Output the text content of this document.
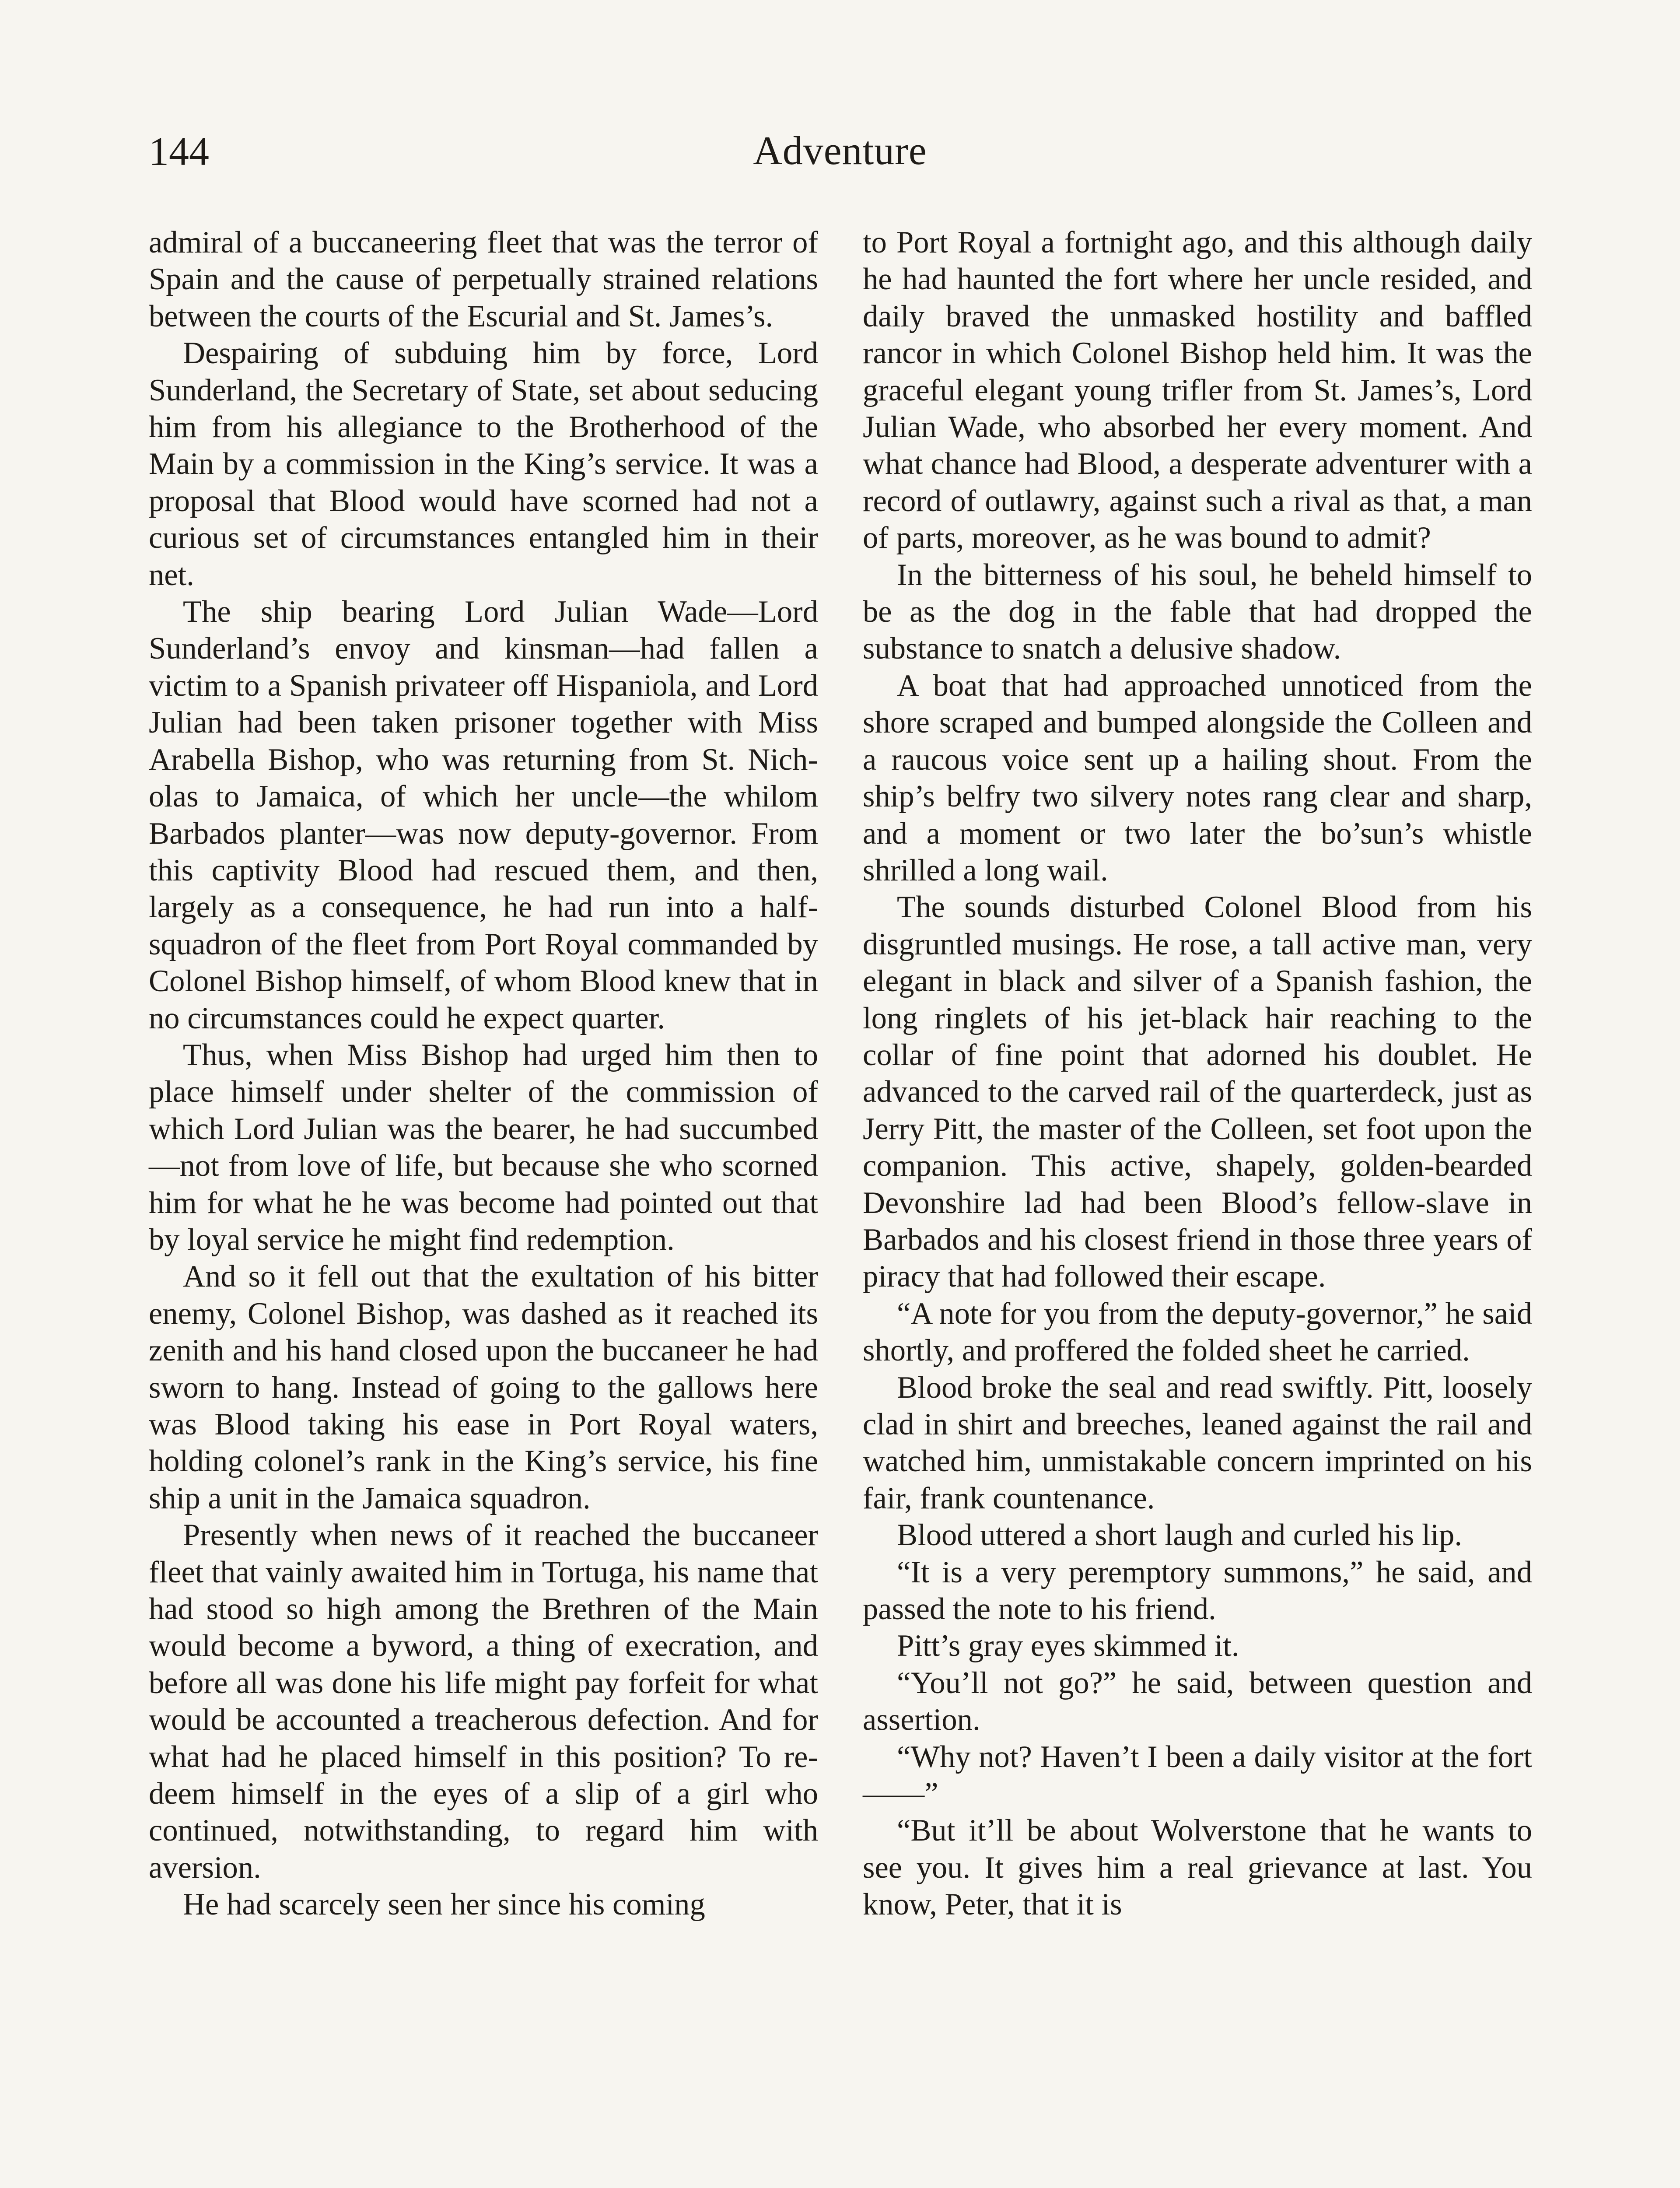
144	Adventure

admiral of a buccaneering fleet that was the terror of Spain and the cause of perpetually strained relations between the courts of the Escurial and St. James’s.

Despairing of subduing him by force, Lord Sunderland, the Secretary of State, set about seducing him from his allegiance to the Brotherhood of the Main by a commission in the King’s service. It was a proposal that Blood would have scorned had not a curious set of circumstances entangled him in their net.

The ship bearing Lord Julian Wade—Lord Sunderland’s envoy and kinsman—had fallen a victim to a Spanish privateer off Hispaniola, and Lord Julian had been taken prisoner together with Miss Arabella Bishop, who was returning from St. Nicholas to Jamaica, of which her uncle—the whilom Barbados planter—was now deputy-governor. From this captivity Blood had rescued them, and then, largely as a consequence, he had run into a half-squadron of the fleet from Port Royal commanded by Colonel Bishop himself, of whom Blood knew that in no circumstances could he expect quarter.

Thus, when Miss Bishop had urged him then to place himself under shelter of the commission of which Lord Julian was the bearer, he had succumbed—not from love of life, but because she who scorned him for what he he was become had pointed out that by loyal service he might find redemption.

And so it fell out that the exultation of his bitter enemy, Colonel Bishop, was dashed as it reached its zenith and his hand closed upon the buccaneer he had sworn to hang. Instead of going to the gallows here was Blood taking his ease in Port Royal waters, holding colonel’s rank in the King’s service, his fine ship a unit in the Jamaica squadron.

Presently when news of it reached the buccaneer fleet that vainly awaited him in Tortuga, his name that had stood so high among the Brethren of the Main would become a byword, a thing of execration, and before all was done his life might pay forfeit for what would be accounted a treacherous defection. And for what had he placed himself in this position? To redeem himself in the eyes of a slip of a girl who continued, notwithstanding, to regard him with aversion.

He had scarcely seen her since his coming

to Port Royal a fortnight ago, and this although daily he had haunted the fort where her uncle resided, and daily braved the unmasked hostility and baffled rancor in which Colonel Bishop held him. It was the graceful elegant young trifler from St. James’s, Lord Julian Wade, who absorbed her every moment. And what chance had Blood, a desperate adventurer with a record of outlawry, against such a rival as that, a man of parts, moreover, as he was bound to admit?

In the bitterness of his soul, he beheld himself to be as the dog in the fable that had dropped the substance to snatch a delusive shadow.

A boat that had approached unnoticed from the shore scraped and bumped alongside the Colleen and a raucous voice sent up a hailing shout. From the ship’s belfry two silvery notes rang clear and sharp, and a moment or two later the bo’sun’s whistle shrilled a long wail.

The sounds disturbed Colonel Blood from his disgruntled musings. He rose, a tall active man, very elegant in black and silver of a Spanish fashion, the long ringlets of his jet-black hair reaching to the collar of fine point that adorned his doublet. He advanced to the carved rail of the quarterdeck, just as Jerry Pitt, the master of the Colleen, set foot upon the companion. This active, shapely, golden-bearded Devonshire lad had been Blood’s fellow-slave in Barbados and his closest friend in those three years of piracy that had followed their escape.

“A note for you from the deputy-governor,” he said shortly, and proffered the folded sheet he carried.

Blood broke the seal and read swiftly. Pitt, loosely clad in shirt and breeches, leaned against the rail and watched him, unmistakable concern imprinted on his fair, frank countenance.

Blood uttered a short laugh and curled his lip.

“It is a very peremptory summons,” he said, and passed the note to his friend.

Pitt’s gray eyes skimmed it.

“You’ll not go?” he said, between question and assertion.

“Why not? Haven’t I been a daily visitor at the fort——”

“But it’ll be about Wolverstone that he wants to see you. It gives him a real grievance at last. You know, Peter, that it is
